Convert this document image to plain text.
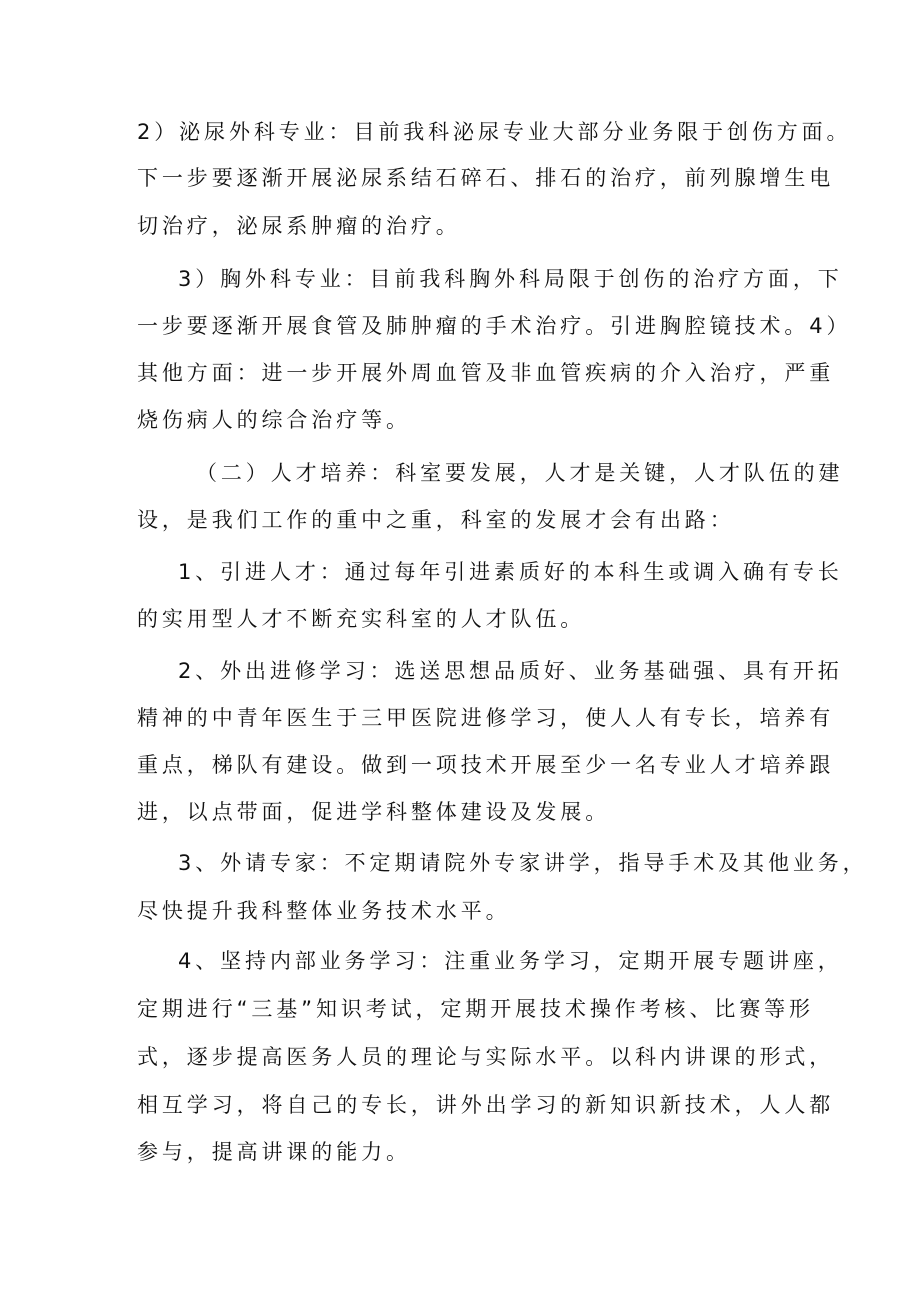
2）泌尿外科专业：目前我科泌尿专业大部分业务限于创伤方面。

下一步要逐渐开展泌尿系结石碎石、排石的治疗，前列腺增生电

切治疗，泌尿系肿瘤的治疗。

3）胸外科专业：目前我科胸外科局限于创伤的治疗方面，下

一步要逐渐开展食管及肺肿瘤的手术治疗。引进胸腔镜技术。4）

其他方面：进一步开展外周血管及非血管疾病的介入治疗，严重

烧伤病人的综合治疗等。

（二）人才培养：科室要发展，人才是关键，人才队伍的建

设，是我们工作的重中之重，科室的发展才会有出路：

1、引进人才：通过每年引进素质好的本科生或调入确有专长

的实用型人才不断充实科室的人才队伍。

2、外出进修学习：选送思想品质好、业务基础强、具有开拓

精神的中青年医生于三甲医院进修学习，使人人有专长，培养有

重点，梯队有建设。做到一项技术开展至少一名专业人才培养跟

进，以点带面，促进学科整体建设及发展。

3、外请专家：不定期请院外专家讲学，指导手术及其他业务，

尽快提升我科整体业务技术水平。

4、坚持内部业务学习：注重业务学习，定期开展专题讲座，

定期进行“三基”知识考试，定期开展技术操作考核、比赛等形

式，逐步提高医务人员的理论与实际水平。以科内讲课的形式，

相互学习，将自己的专长，讲外出学习的新知识新技术，人人都

参与，提高讲课的能力。
